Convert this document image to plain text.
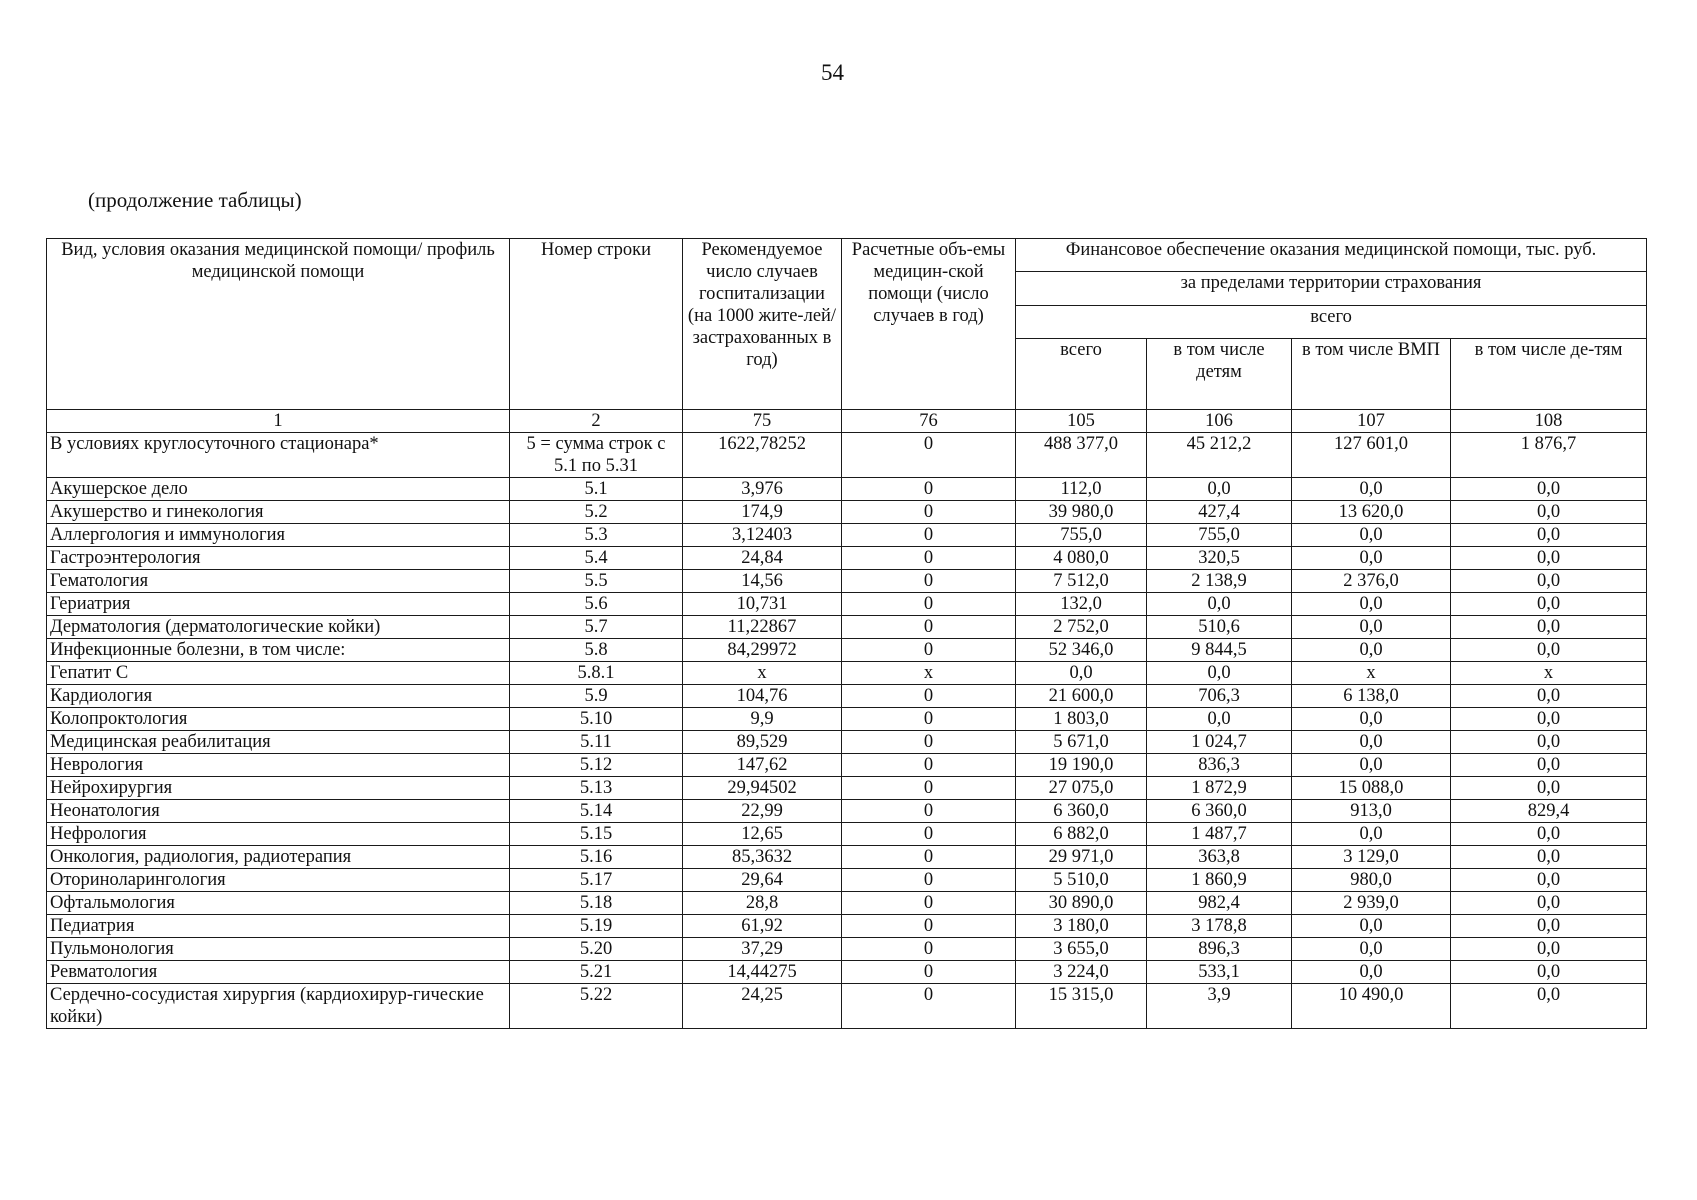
54
(продолжение таблицы)
Вид, условия оказания медицинской помощи/ профиль медицинской помощи	Номер строки	Рекомендуемое число случаев госпитализации (на 1000 жите-лей/ застрахованных в год)	Расчетные объ-емы медицин-ской помощи (число случаев в год)	Финансовое обеспечение оказания медицинской помощи, тыс. руб.			
				за пределами территории страхования			
				всего			
				всего	в том числе детям	в том числе ВМП	в том числе де-тям
1	2	75	76	105	106	107	108
В условиях круглосуточного стационара*	5 = сумма строк с 5.1 по 5.31	1622,78252	0	488 377,0	45 212,2	127 601,0	1 876,7
Акушерское дело	5.1	3,976	0	112,0	0,0	0,0	0,0
Акушерство и гинекология	5.2	174,9	0	39 980,0	427,4	13 620,0	0,0
Аллергология и иммунология	5.3	3,12403	0	755,0	755,0	0,0	0,0
Гастроэнтерология	5.4	24,84	0	4 080,0	320,5	0,0	0,0
Гематология	5.5	14,56	0	7 512,0	2 138,9	2 376,0	0,0
Гериатрия	5.6	10,731	0	132,0	0,0	0,0	0,0
Дерматология (дерматологические койки)	5.7	11,22867	0	2 752,0	510,6	0,0	0,0
Инфекционные болезни, в том числе:	5.8	84,29972	0	52 346,0	9 844,5	0,0	0,0
Гепатит С	5.8.1	x	x	0,0	0,0	x	x
Кардиология	5.9	104,76	0	21 600,0	706,3	6 138,0	0,0
Колопроктология	5.10	9,9	0	1 803,0	0,0	0,0	0,0
Медицинская реабилитация	5.11	89,529	0	5 671,0	1 024,7	0,0	0,0
Неврология	5.12	147,62	0	19 190,0	836,3	0,0	0,0
Нейрохирургия	5.13	29,94502	0	27 075,0	1 872,9	15 088,0	0,0
Неонатология	5.14	22,99	0	6 360,0	6 360,0	913,0	829,4
Нефрология	5.15	12,65	0	6 882,0	1 487,7	0,0	0,0
Онкология, радиология, радиотерапия	5.16	85,3632	0	29 971,0	363,8	3 129,0	0,0
Оториноларингология	5.17	29,64	0	5 510,0	1 860,9	980,0	0,0
Офтальмология	5.18	28,8	0	30 890,0	982,4	2 939,0	0,0
Педиатрия	5.19	61,92	0	3 180,0	3 178,8	0,0	0,0
Пульмонология	5.20	37,29	0	3 655,0	896,3	0,0	0,0
Ревматология	5.21	14,44275	0	3 224,0	533,1	0,0	0,0
Сердечно-сосудистая хирургия (кардиохирур-гические койки)	5.22	24,25	0	15 315,0	3,9	10 490,0	0,0
